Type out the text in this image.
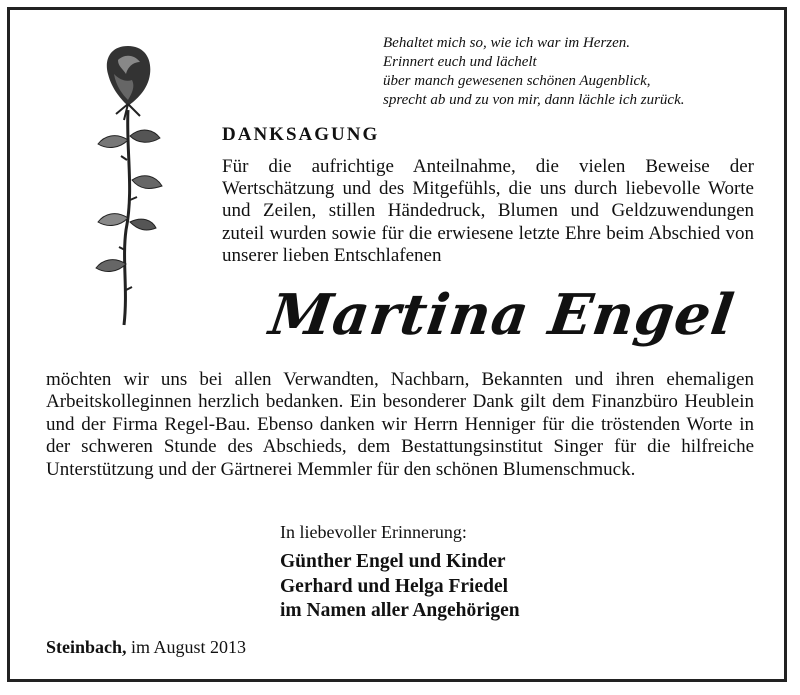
Behaltet mich so, wie ich war im Herzen.
Erinnert euch und lächelt
über manch gewesenen schönen Augenblick,
sprecht ab und zu von mir, dann lächle ich zurück.
DANKSAGUNG
Für die aufrichtige Anteilnahme, die vielen Beweise der Wertschätzung und des Mitgefühls, die uns durch liebevolle Worte und Zeilen, stillen Händedruck, Blumen und Geldzuwendungen zuteil wurden sowie für die erwiesene letzte Ehre beim Abschied von unserer lieben Entschlafenen
Martina Engel
möchten wir uns bei allen Verwandten, Nachbarn, Bekannten und ihren ehemaligen Arbeitskolleginnen herzlich bedanken. Ein besonderer Dank gilt dem Finanzbüro Heublein und der Firma Regel-Bau. Ebenso danken wir Herrn Henniger für die tröstenden Worte in der schweren Stunde des Abschieds, dem Bestattungsinstitut Singer für die hilfreiche Unterstützung und der Gärtnerei Memmler für den schönen Blumenschmuck.
In liebevoller Erinnerung:
Günther Engel und Kinder
Gerhard und Helga Friedel
im Namen aller Angehörigen
Steinbach, im August 2013
